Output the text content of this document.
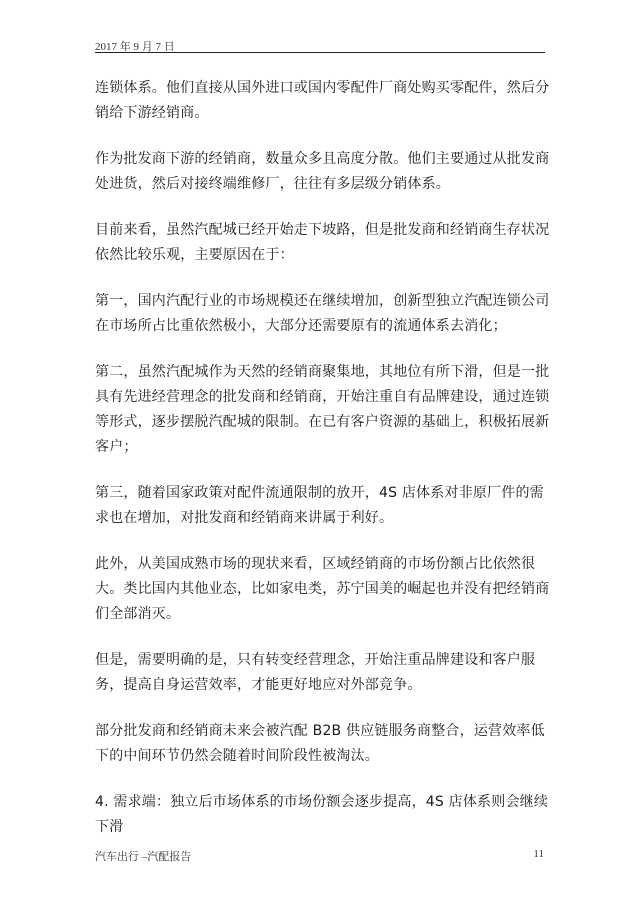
2017 年 9 月 7 日

连锁体系。他们直接从国外进口或国内零配件厂商处购买零配件，然后分销给下游经销商。

作为批发商下游的经销商，数量众多且高度分散。他们主要通过从批发商处进货，然后对接终端维修厂，往往有多层级分销体系。

目前来看，虽然汽配城已经开始走下坡路，但是批发商和经销商生存状况依然比较乐观，主要原因在于：

第一，国内汽配行业的市场规模还在继续增加，创新型独立汽配连锁公司在市场所占比重依然极小，大部分还需要原有的流通体系去消化；

第二，虽然汽配城作为天然的经销商聚集地，其地位有所下滑，但是一批具有先进经营理念的批发商和经销商，开始注重自有品牌建设，通过连锁等形式，逐步摆脱汽配城的限制。在已有客户资源的基础上，积极拓展新客户；

第三，随着国家政策对配件流通限制的放开，4S 店体系对非原厂件的需求也在增加，对批发商和经销商来讲属于利好。

此外，从美国成熟市场的现状来看，区域经销商的市场份额占比依然很大。类比国内其他业态，比如家电类，苏宁国美的崛起也并没有把经销商们全部消灭。

但是，需要明确的是，只有转变经营理念，开始注重品牌建设和客户服务，提高自身运营效率，才能更好地应对外部竞争。

部分批发商和经销商未来会被汽配 B2B 供应链服务商整合，运营效率低下的中间环节仍然会随着时间阶段性被淘汰。

4. 需求端：独立后市场体系的市场份额会逐步提高，4S 店体系则会继续下滑

汽车出行 –汽配报告	11
